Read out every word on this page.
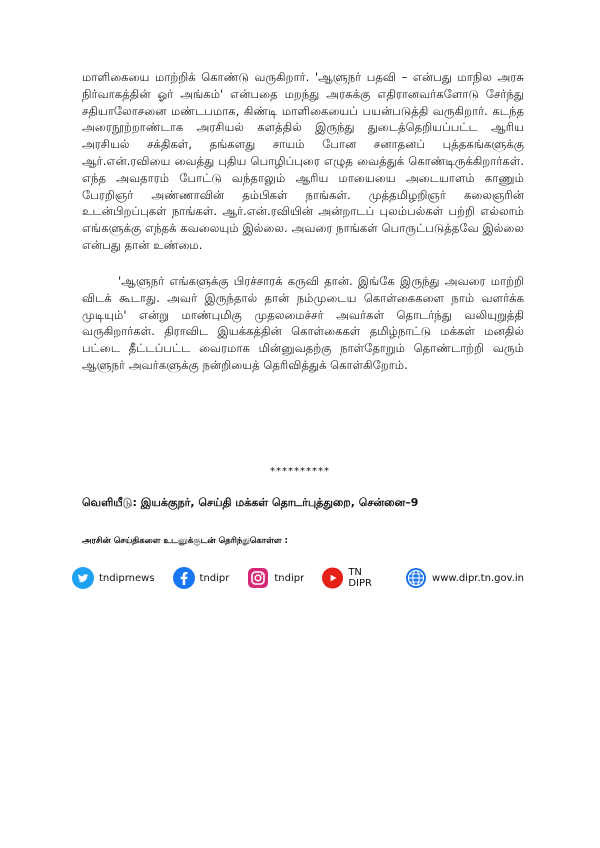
மாளிகையை மாற்றிக் கொண்டு வருகிறார். 'ஆளுநர் பதவி – என்பது மாநில அரசு நிர்வாகத்தின் ஓர் அங்கம்' என்பதை மறந்து அரசுக்கு எதிரானவர்களோடு சேர்ந்து சதியாலோசனை மண்டபமாக, கிண்டி மாளிகையைப் பயன்படுத்தி வருகிறார். கடந்த அரைநூற்றாண்டாக அரசியல் களத்தில் இருந்து துடைத்தெறியப்பட்ட ஆரிய அரசியல் சக்திகள், தங்களது சாயம் போன சனாதனப் புத்தகங்களுக்கு ஆர்.என்.ரவியை வைத்து புதிய பொழிப்புரை எழுத வைத்துக் கொண்டிருக்கிறார்கள். எந்த அவதாரம் போட்டு வந்தாலும் ஆரிய மாயையை அடையாளம் காணும் பேரறிஞர் அண்ணாவின் தம்பிகள் நாங்கள். முத்தமிழறிஞர் கலைஞரின் உடன்பிறப்புகள் நாங்கள். ஆர்.என்.ரவியின் அன்றாடப் புலம்பல்கள் பற்றி எல்லாம் எங்களுக்கு எந்தக் கவலையும் இல்லை. அவரை நாங்கள் பொருட்படுத்தவே இல்லை என்பது தான் உண்மை.

'ஆளுநர் எங்களுக்கு பிரச்சாரக் கருவி தான். இங்கே இருந்து அவரை மாற்றி விடக் கூடாது. அவர் இருந்தால் தான் நம்முடைய கொள்கைகளை நாம் வளர்க்க முடியும்' என்று மாண்புமிகு முதலமைச்சர் அவர்கள் தொடர்ந்து வலியுறுத்தி வருகிறார்கள். திராவிட இயக்கத்தின் கொள்கைகள் தமிழ்நாட்டு மக்கள் மனதில் பட்டை தீட்டப்பட்ட வைரமாக மின்னுவதற்கு நாள்தோறும் தொண்டாற்றி வரும் ஆளுநர் அவர்களுக்கு நன்றியைத் தெரிவித்துக் கொள்கிறோம்.

**********

வெளியீடு: இயக்குநர், செய்தி மக்கள் தொடர்புத்துறை, சென்னை–9

அரசின் செய்திகளை உடனுக்குடன் தெரிந்துகொள்ள :

tndiprnews	tndipr	tndipr	TN DIPR	www.dipr.tn.gov.in
